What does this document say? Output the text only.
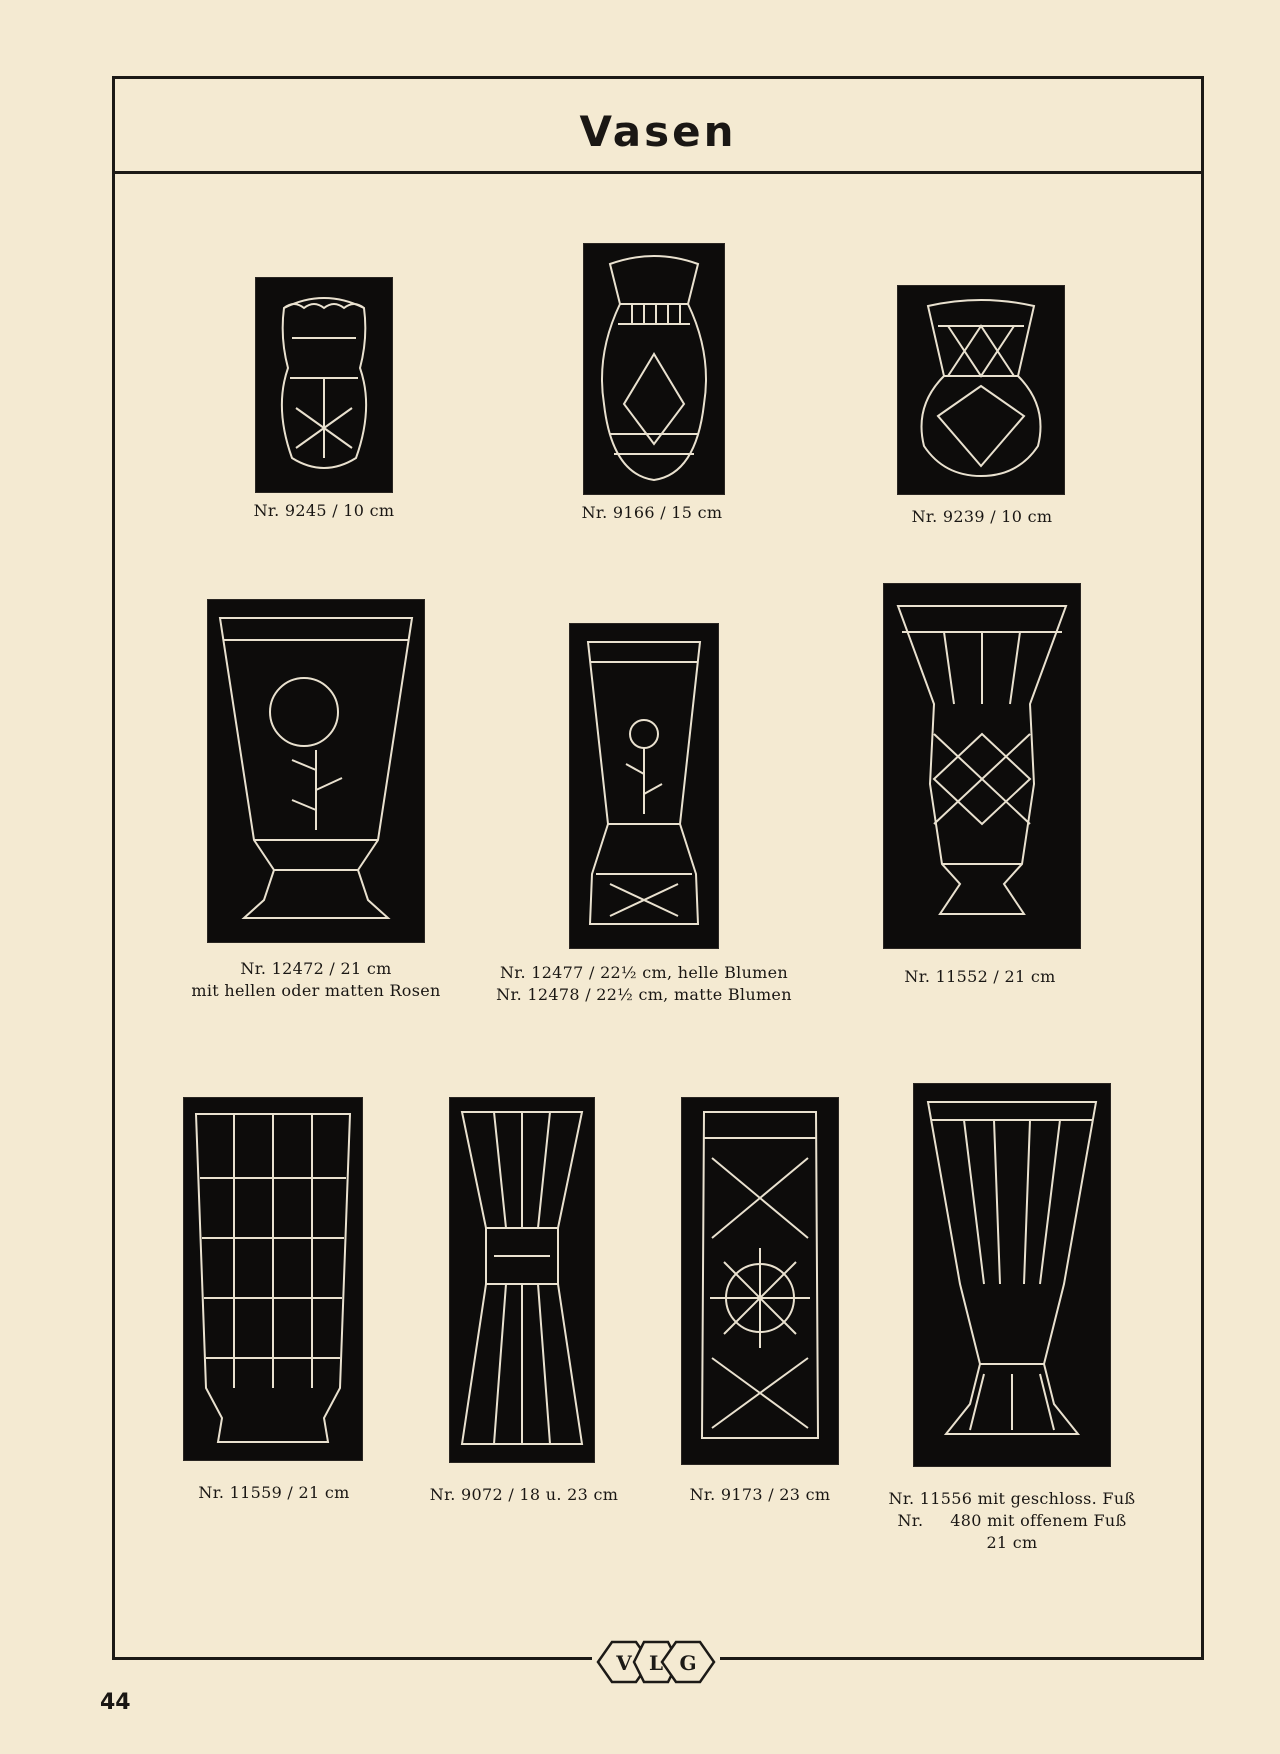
Vasen
Nr. 9245 / 10 cm	Nr. 9166 / 15 cm	Nr. 9239 / 10 cm
Nr. 12472 / 21 cm
mit hellen oder matten Rosen
Nr. 12477 / 22½ cm, helle Blumen
Nr. 12478 / 22½ cm, matte Blumen
Nr. 11552 / 21 cm
Nr. 11559 / 21 cm	Nr. 9072 / 18 u. 23 cm	Nr. 9173 / 23 cm	Nr. 11556 mit geschloss. Fuß
Nr.     480 mit offenem Fuß
21 cm
V L G
44
